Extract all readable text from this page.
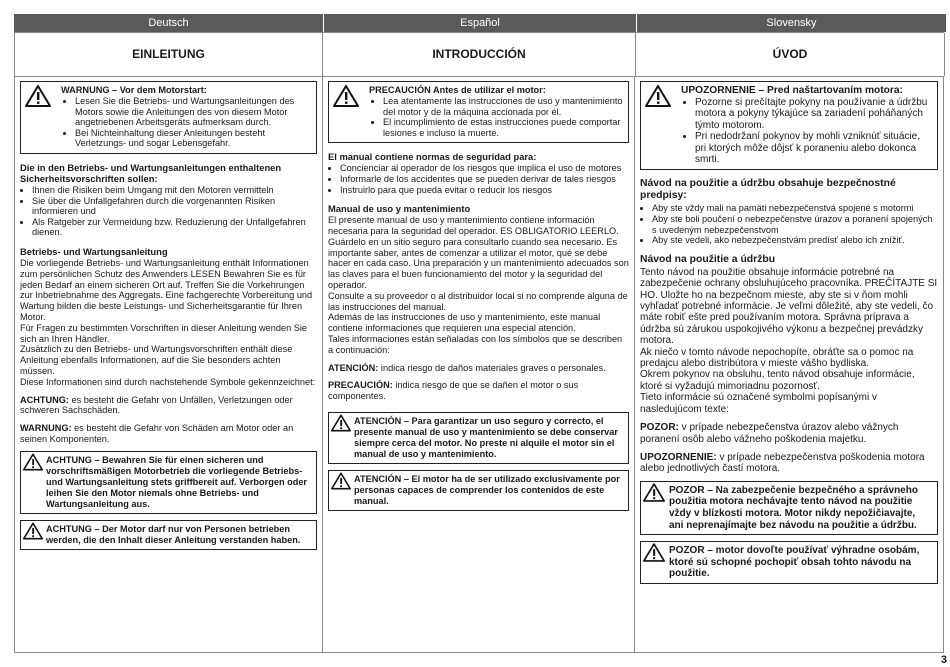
Deutsch	Español	Slovensky
EINLEITUNG	INTRODUCCIÓN	ÚVOD
WARNUNG – Vor dem Motorstart:
• Lesen Sie die Betriebs- und Wartungsanleitungen des Motors sowie die Anleitungen des von diesem Motor angetriebenen Arbeitsgeräts aufmerksam durch.
• Bei Nichteinhaltung dieser Anleitungen besteht Verletzungs- und sogar Lebensgefahr.
Die in den Betriebs- und Wartungsanleitungen enthaltenen Sicherheitsvorschriften sollen:
• Ihnen die Risiken beim Umgang mit den Motoren vermitteln
• Sie über die Unfallgefahren durch die vorgenannten Risiken informieren und
• Als Ratgeber zur Vermeidung bzw. Reduzierung der Unfallgefahren dienen.
Betriebs- und Wartungsanleitung

Die vorliegende Betriebs- und Wartungsanleitung enthält Informationen zum persönlichen Schutz des Anwenders LESEN Bewahren Sie es für jeden Bedarf an einem sicheren Ort auf. Treffen Sie die Vorkehrungen zur Inbetriebnahme des Aggregats. Eine fachgerechte Vorbereitung und Wartung bilden die beste Leistungs- und Sicherheitsgarantie für Ihren Motor.

Für Fragen zu bestimmten Vorschriften in dieser Anleitung wenden Sie sich an Ihren Händler.

Zusätzlich zu den Betriebs- und Wartungsvorschriften enthält diese Anleitung ebenfalls Informationen, auf die Sie besonders achten müssen.

Diese Informationen sind durch nachstehende Symbole gekennzeichnet:

ACHTUNG: es besteht die Gefahr von Unfällen, Verletzungen oder schweren Sachschäden.

WARNUNG: es besteht die Gefahr von Schäden am Motor oder an seinen Komponenten.

ACHTUNG – Bewahren Sie für einen sicheren und vorschriftsmäßigen Motorbetrieb die vorliegende Betriebs- und Wartungsanleitung stets griffbereit auf. Verborgen oder leihen Sie den Motor niemals ohne Betriebs- und Wartungsanleitung aus.
ACHTUNG – Der Motor darf nur von Personen betrieben werden, die den Inhalt dieser Anleitung verstanden haben.
PRECAUCIÓN Antes de utilizar el motor:
• Lea atentamente las instrucciones de uso y mantenimiento del motor y de la máquina accionada por él.
• El incumplimiento de estas instrucciones puede comportar lesiones e incluso la muerte.
El manual contiene normas de seguridad para:
• Concienciar al operador de los riesgos que implica el uso de motores
• Informarle de los accidentes que se pueden derivar de tales riesgos
• Instruirlo para que pueda evitar o reducir los riesgos
Manual de uso y mantenimiento

El presente manual de uso y mantenimiento contiene información necesaria para la seguridad del operador. ES OBLIGATORIO LEERLO. Guárdelo en un sitio seguro para consultarlo cuando sea necesario. Es importante saber, antes de comenzar a utilizar el motor, qué se debe hacer en cada caso. Una preparación y un mantenimiento adecuados son las claves para el buen funcionamiento del motor y la seguridad del operador.

Consulte a su proveedor o al distribuidor local si no comprende alguna de las instrucciones del manual.

Además de las instrucciones de uso y mantenimiento, este manual contiene informaciones que requieren una especial atención.

Tales informaciones están señaladas con los símbolos que se describen a continuación:

ATENCIÓN: indica riesgo de daños materiales graves o personales.

PRECAUCIÓN: indica riesgo de que se dañen el motor o sus componentes.

ATENCIÓN – Para garantizar un uso seguro y correcto, el presente manual de uso y mantenimiento se debe conservar siempre cerca del motor. No preste ni alquile el motor sin el manual de uso y mantenimiento.
ATENCIÓN – El motor ha de ser utilizado exclusivamente por personas capaces de comprender los contenidos de este manual.
UPOZORNENIE – Pred naštartovaním motora:
• Pozorne si prečítajte pokyny na používanie a údržbu motora a pokyny týkajúce sa zariadení poháňaných týmto motorom.
• Pri nedodržaní pokynov by mohli vzniknúť situácie, pri ktorých môže dôjsť k poraneniu alebo dokonca smrti.
Návod na použitie a údržbu obsahuje bezpečnostné predpisy:
• Aby ste vždy mali na pamäti nebezpečenstvá spojené s motormi
• Aby ste boli poučení o nebezpečenstve úrazov a poranení spojených s uvedeným nebezpečenstvom
• Aby ste vedeli, ako nebezpečenstvám predísť alebo ich znížiť.
Návod na použitie a údržbu

Tento návod na použitie obsahuje informácie potrebné na zabezpečenie ochrany obsluhujúceho pracovníka. PREČÍTAJTE SI HO. Uložte ho na bezpečnom mieste, aby ste si v ňom mohli vyhľadať potrebné informácie. Je veľmi dôležité, aby ste vedeli, čo máte robiť ešte pred používaním motora. Správna príprava a údržba sú zárukou uspokojivého výkonu a bezpečnej prevádzky motora.

Ak niečo v tomto návode nepochopíte, obráťte sa o pomoc na predajcu alebo distribútora v mieste vášho bydliska.

Okrem pokynov na obsluhu, tento návod obsahuje informácie, ktoré si vyžadujú mimoriadnu pozornosť.

Tieto informácie sú označené symbolmi popísanými v nasledujúcom texte:

POZOR: v prípade nebezpečenstva úrazov alebo vážnych poranení osôb alebo vážneho poškodenia majetku.

UPOZORNENIE: v prípade nebezpečenstva poškodenia motora alebo jednotlivých častí motora.

POZOR – Na zabezpečenie bezpečného a správneho použitia motora nechávajte tento návod na použitie vždy v blízkosti motora. Motor nikdy nepožičiavajte, ani neprenajímajte bez návodu na použitie a údržbu.
POZOR – motor dovoľte používať výhradne osobám, ktoré sú schopné pochopiť obsah tohto návodu na použitie.
3
